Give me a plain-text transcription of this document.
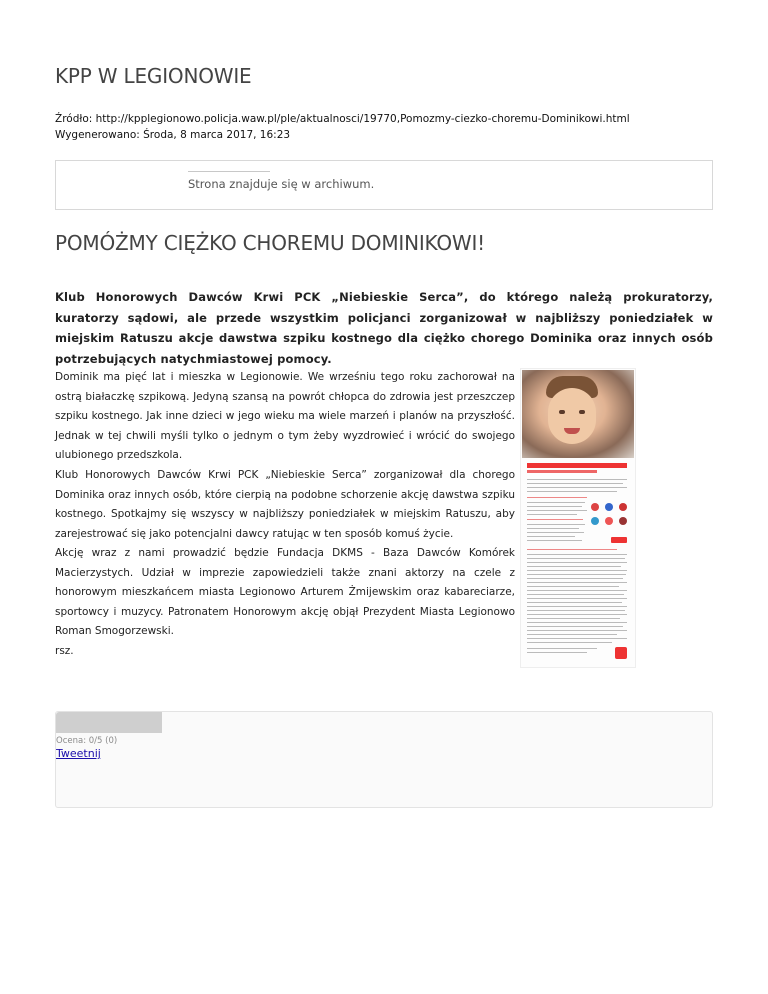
KPP W LEGIONOWIE
Źródło: http://kpplegionowo.policja.waw.pl/ple/aktualnosci/19770,Pomozmy-ciezko-choremu-Dominikowi.html
Wygenerowano: Środa, 8 marca 2017, 16:23
Strona znajduje się w archiwum.
POMÓŻMY CIĘŻKO CHOREMU DOMINIKOWI!
Klub Honorowych Dawców Krwi PCK „Niebieskie Serca”, do którego należą prokuratorzy, kuratorzy sądowi, ale przede wszystkim policjanci zorganizował w najbliższy poniedziałek w miejskim Ratuszu akcje dawstwa szpiku kostnego dla ciężko chorego Dominika oraz innych osób potrzebujących natychmiastowej pomocy.
Dominik ma pięć lat i mieszka w Legionowie. We wrześniu tego roku zachorował na ostrą białaczkę szpikową. Jedyną szansą na powrót chłopca do zdrowia jest przeszczep szpiku kostnego. Jak inne dzieci w jego wieku ma wiele marzeń i planów na przyszłość. Jednak w tej chwili myśli tylko o jednym o tym żeby wyzdrowieć i wrócić do swojego ulubionego przedszkola.
Klub Honorowych Dawców Krwi PCK „Niebieskie Serca” zorganizował dla chorego Dominika oraz innych osób, które cierpią na podobne schorzenie akcję dawstwa szpiku kostnego. Spotkajmy się wszyscy w najbliższy poniedziałek w miejskim Ratuszu, aby zarejestrować się jako potencjalni dawcy ratując w ten sposób komuś życie.
Akcję wraz z nami prowadzić będzie Fundacja DKMS - Baza Dawców Komórek Macierzystych. Udział w imprezie zapowiedzieli także znani aktorzy na czele z honorowym mieszkańcem miasta Legionowo Arturem Żmijewskim oraz kabareciarze, sportowcy i muzycy. Patronatem Honorowym akcję objął Prezydent Miasta Legionowo Roman Smogorzewski.
rsz.
Ocena: 0/5 (0)
Tweetnij
